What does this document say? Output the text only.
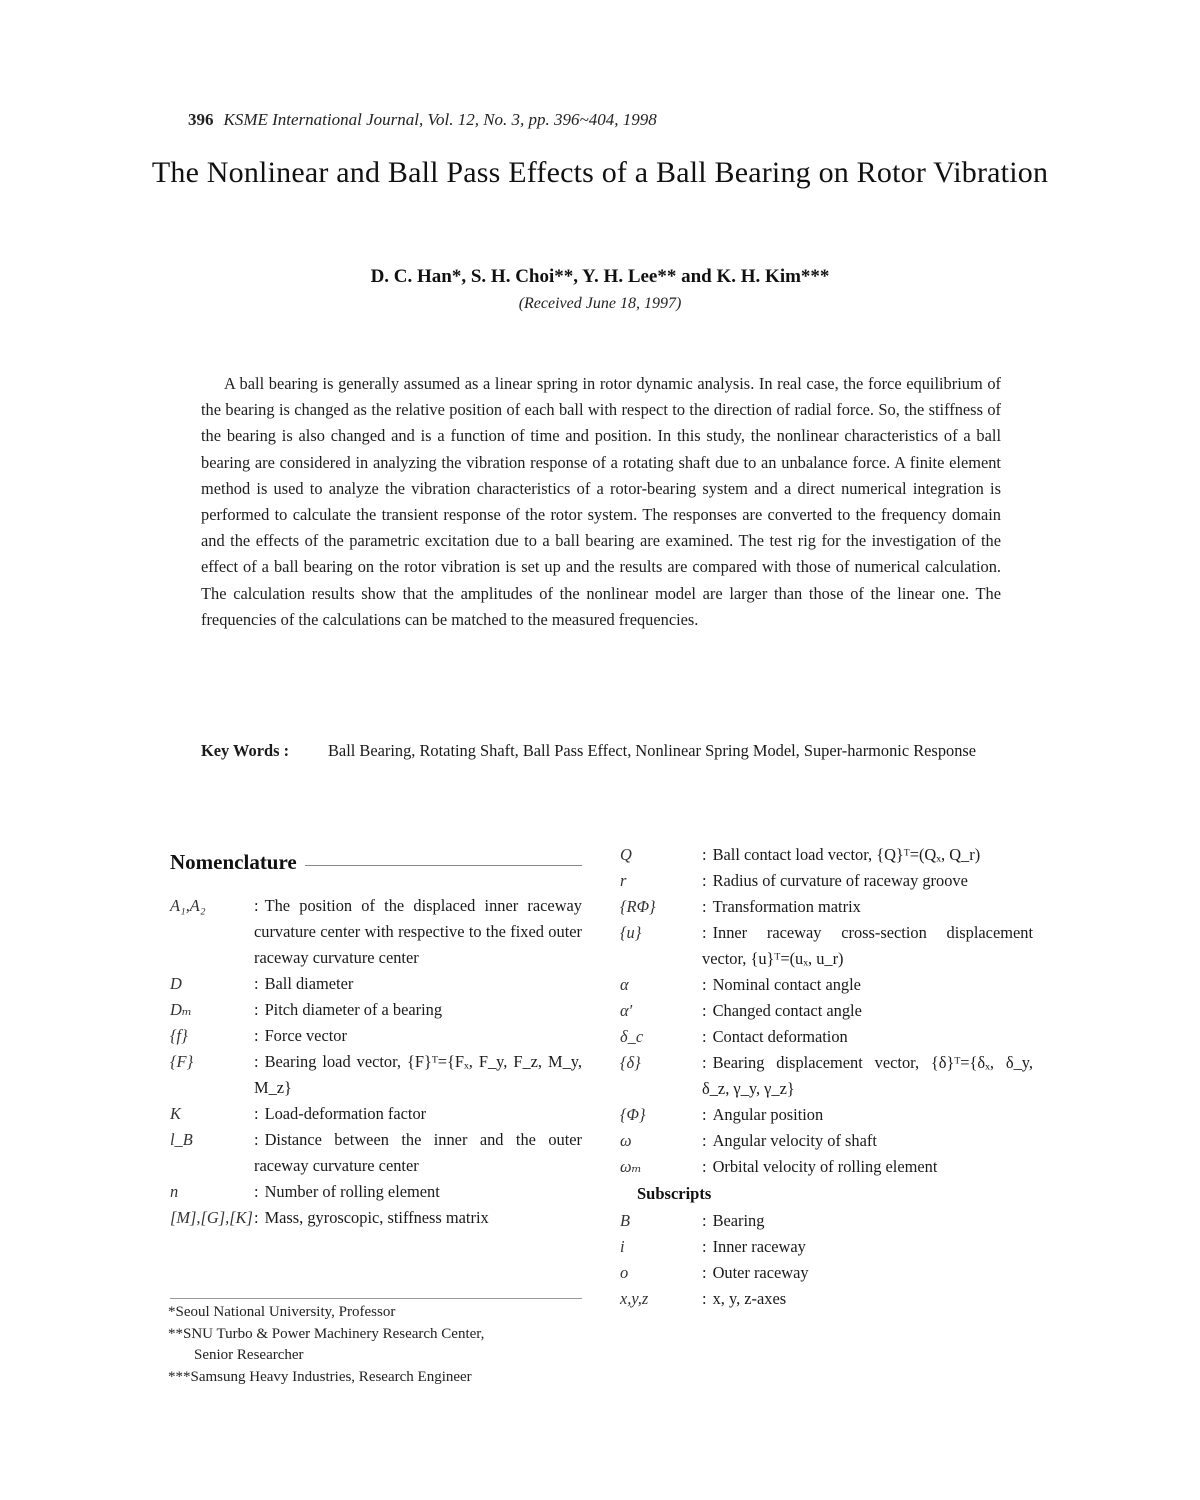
396 KSME International Journal, Vol. 12, No. 3, pp. 396~404, 1998
The Nonlinear and Ball Pass Effects of a Ball Bearing on Rotor Vibration
D. C. Han*, S. H. Choi**, Y. H. Lee** and K. H. Kim***
(Received June 18, 1997)
A ball bearing is generally assumed as a linear spring in rotor dynamic analysis. In real case, the force equilibrium of the bearing is changed as the relative position of each ball with respect to the direction of radial force. So, the stiffness of the bearing is also changed and is a function of time and position. In this study, the nonlinear characteristics of a ball bearing are considered in analyzing the vibration response of a rotating shaft due to an unbalance force. A finite element method is used to analyze the vibration characteristics of a rotor-bearing system and a direct numerical integration is performed to calculate the transient response of the rotor system. The responses are converted to the frequency domain and the effects of the parametric excitation due to a ball bearing are examined. The test rig for the investigation of the effect of a ball bearing on the rotor vibration is set up and the results are compared with those of numerical calculation. The calculation results show that the amplitudes of the nonlinear model are larger than those of the linear one. The frequencies of the calculations can be matched to the measured frequencies.
Key Words :	Ball Bearing, Rotating Shaft, Ball Pass Effect, Nonlinear Spring Model, Super-harmonic Response
Nomenclature
A₁,A₂	: The position of the displaced inner raceway curvature center with respective to the fixed outer raceway curvature center
D	: Ball diameter
Dₘ	: Pitch diameter of a bearing
{f}	: Force vector
{F}	: Bearing load vector, {F}ᵀ={Fₓ, F_y, F_z, M_y, M_z}
K	: Load-deformation factor
l_B	: Distance between the inner and the outer raceway curvature center
n	: Number of rolling element
[M],[G],[K] : Mass, gyroscopic, stiffness matrix
Q	: Ball contact load vector, {Q}ᵀ=(Qₓ, Q_r)
r	: Radius of curvature of raceway groove
{RΦ}	: Transformation matrix
{u}	: Inner raceway cross-section displacement vector, {u}ᵀ=(uₓ, u_r)
α	: Nominal contact angle
α′	: Changed contact angle
δ_c	: Contact deformation
{δ}	: Bearing displacement vector, {δ}ᵀ={δₓ, δ_y, δ_z, γ_y, γ_z}
{Φ}	: Angular position
ω	: Angular velocity of shaft
ωₘ	: Orbital velocity of rolling element
Subscripts
B	: Bearing
i	: Inner raceway
o	: Outer raceway
x,y,z	: x, y, z-axes
*Seoul National University, Professor
**SNU Turbo & Power Machinery Research Center,
Senior Researcher
***Samsung Heavy Industries, Research Engineer
